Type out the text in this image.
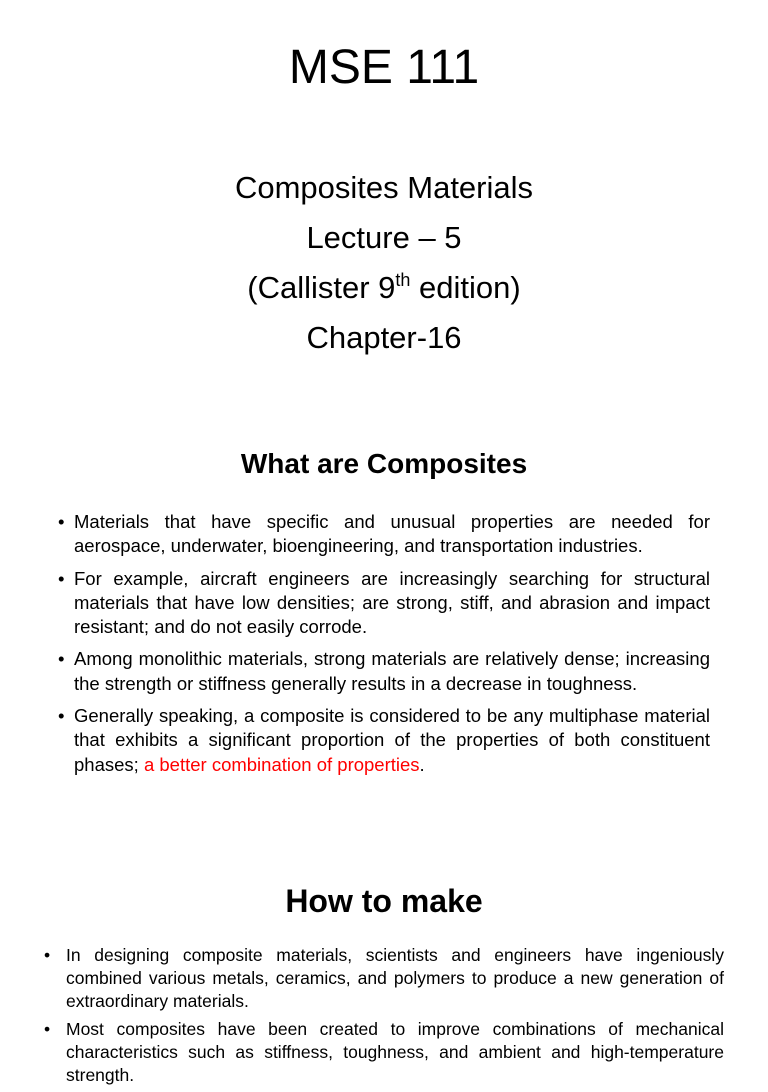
MSE 111
Composites Materials
Lecture – 5
(Callister 9th edition)
Chapter-16
What are Composites
• Materials that have specific and unusual properties are needed for aerospace, underwater, bioengineering, and transportation industries.
• For example, aircraft engineers are increasingly searching for structural materials that have low densities; are strong, stiff, and abrasion and impact resistant; and do not easily corrode.
• Among monolithic materials, strong materials are relatively dense; increasing the strength or stiffness generally results in a decrease in toughness.
• Generally speaking, a composite is considered to be any multiphase material that exhibits a significant proportion of the properties of both constituent phases; a better combination of properties.
How to make
• In designing composite materials, scientists and engineers have ingeniously combined various metals, ceramics, and polymers to produce a new generation of extraordinary materials.
• Most composites have been created to improve combinations of mechanical characteristics such as stiffness, toughness, and ambient and high-temperature strength.
